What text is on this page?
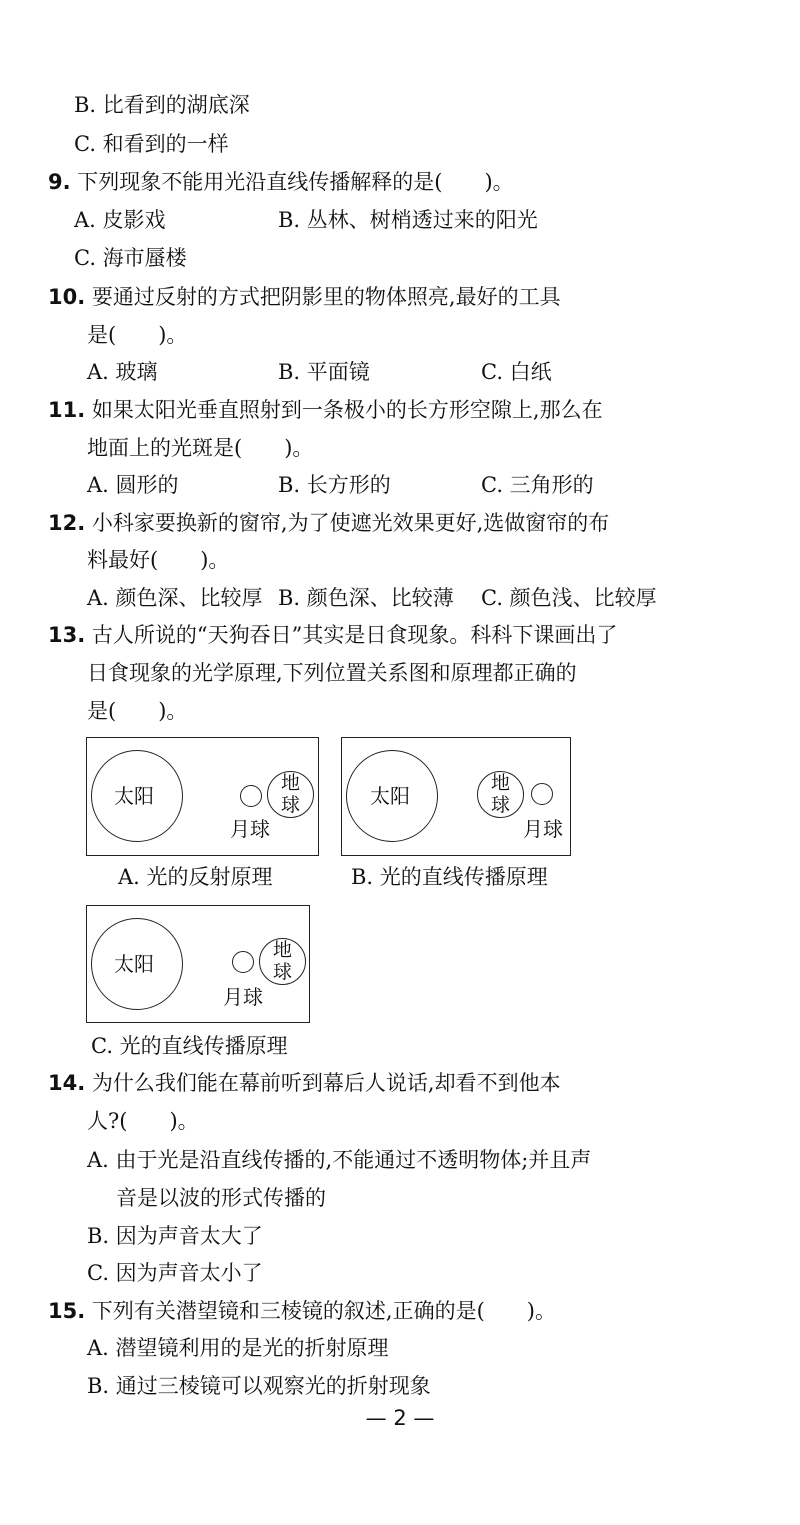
B. 比看到的湖底深
C. 和看到的一样
9. 下列现象不能用光沿直线传播解释的是(　　)。
A. 皮影戏	B. 丛林、树梢透过来的阳光
C. 海市蜃楼
10. 要通过反射的方式把阴影里的物体照亮,最好的工具
是(　　)。
A. 玻璃	B. 平面镜	C. 白纸
11. 如果太阳光垂直照射到一条极小的长方形空隙上,那么在
地面上的光斑是(　　)。
A. 圆形的	B. 长方形的	C. 三角形的
12. 小科家要换新的窗帘,为了使遮光效果更好,选做窗帘的布
料最好(　　)。
A. 颜色深、比较厚 B. 颜色深、比较薄 C. 颜色浅、比较厚
13. 古人所说的“天狗吞日”其实是日食现象。科科下课画出了
日食现象的光学原理,下列位置关系图和原理都正确的
是(　　)。
太阳
地
球
月球
A. 光的反射原理
太阳
地
球
月球
B. 光的直线传播原理
太阳
地
球
月球
C. 光的直线传播原理
14. 为什么我们能在幕前听到幕后人说话,却看不到他本
人?(　　)。
A. 由于光是沿直线传播的,不能通过不透明物体;并且声
音是以波的形式传播的
B. 因为声音太大了
C. 因为声音太小了
15. 下列有关潜望镜和三棱镜的叙述,正确的是(　　)。
A. 潜望镜利用的是光的折射原理
B. 通过三棱镜可以观察光的折射现象
— 2 —
